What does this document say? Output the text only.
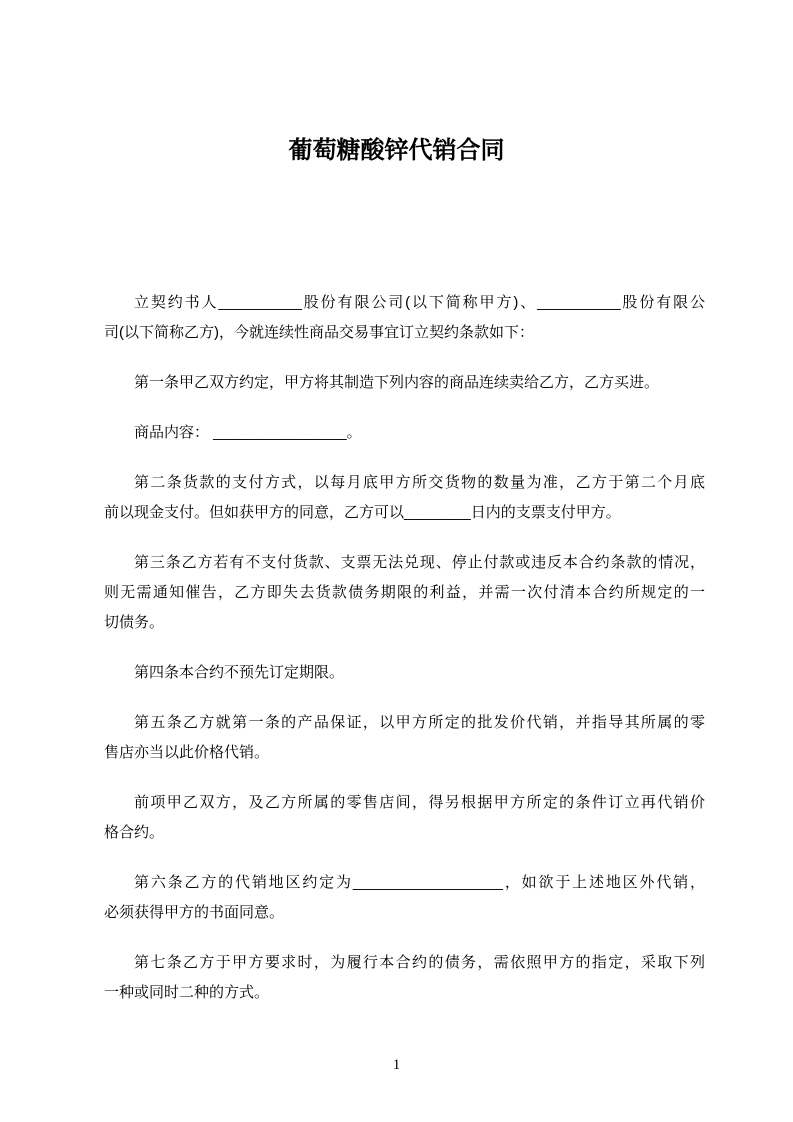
葡萄糖酸锌代销合同

立契约书人__________股份有限公司(以下简称甲方)、__________股份有限公
司(以下简称乙方)，今就连续性商品交易事宜订立契约条款如下：

第一条甲乙双方约定，甲方将其制造下列内容的商品连续卖给乙方，乙方买进。

商品内容： ________________。

第二条货款的支付方式，以每月底甲方所交货物的数量为准，乙方于第二个月底
前以现金支付。但如获甲方的同意，乙方可以________日内的支票支付甲方。

第三条乙方若有不支付货款、支票无法兑现、停止付款或违反本合约条款的情况，
则无需通知催告，乙方即失去货款债务期限的利益，并需一次付清本合约所规定的一
切债务。

第四条本合约不预先订定期限。

第五条乙方就第一条的产品保证，以甲方所定的批发价代销，并指导其所属的零
售店亦当以此价格代销。

前项甲乙双方，及乙方所属的零售店间，得另根据甲方所定的条件订立再代销价
格合约。

第六条乙方的代销地区约定为__________________，如欲于上述地区外代销，
必须获得甲方的书面同意。

第七条乙方于甲方要求时，为履行本合约的债务，需依照甲方的指定，采取下列
一种或同时二种的方式。

1
